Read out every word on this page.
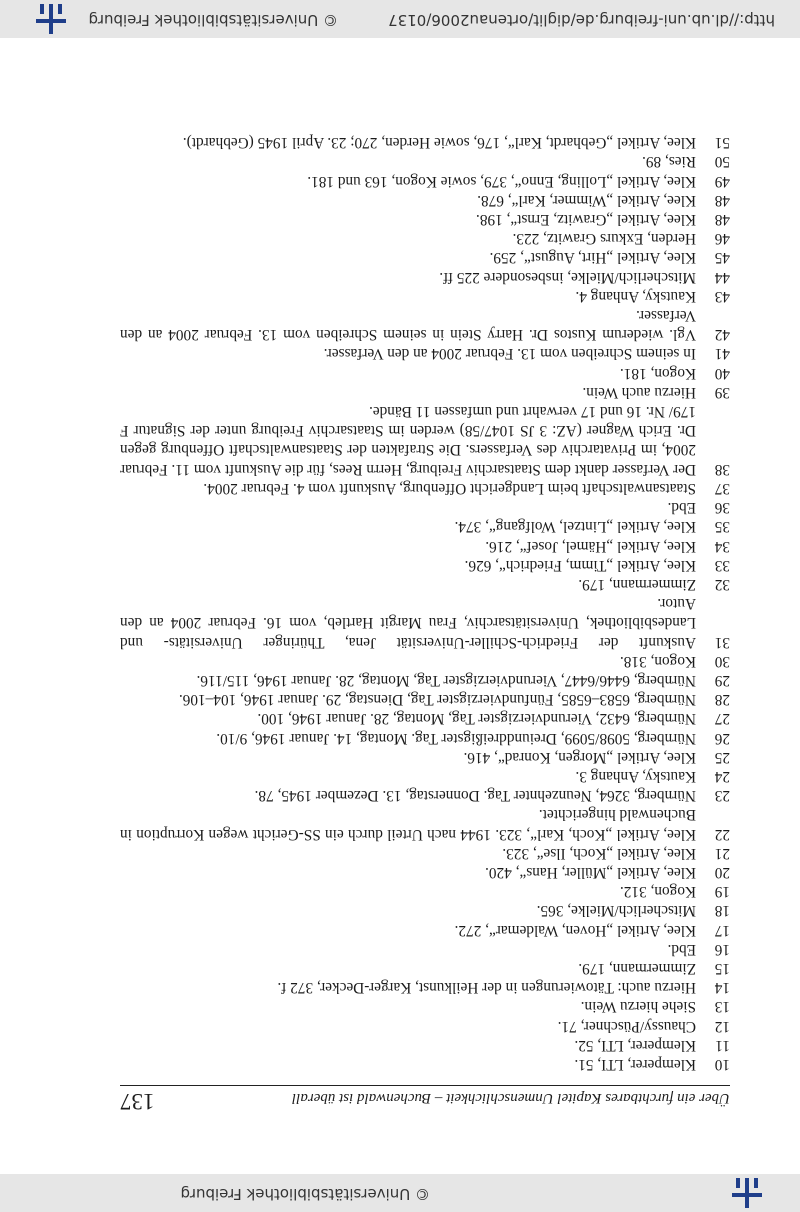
© Universitätsbibliothek Freiburg
Über ein furchtbares Kapitel Unmenschlichkeit – Buchenwald ist überall
137
10
Klemperer, LTI, 51.
11
Klemperer, LTI, 52.
12
Chaussy/Püschner, 71.
13
Siehe hierzu Wein.
14
Hierzu auch: Tätowierungen in der Heilkunst, Karger-Decker, 372 f.
15
Zimmermann, 179.
16
Ebd.
17
Klee, Artikel „Hoven, Waldemar“, 272.
18
Mitscherlich/Mielke, 365.
19
Kogon, 312.
20
Klee, Artikel „Müller, Hans“, 420.
21
Klee, Artikel „Koch, Ilse“, 323.
22
Klee, Artikel „Koch, Karl“, 323. 1944 nach Urteil durch ein SS-Gericht wegen Korruption in Buchenwald hingerichtet.
23
Nürnberg, 3264, Neunzehnter Tag. Donnerstag, 13. Dezember 1945, 78.
24
Kautsky, Anhang 3.
25
Klee, Artikel „Morgen, Konrad“, 416.
26
Nürnberg, 5098/5099, Dreiunddreißigster Tag. Montag, 14. Januar 1946, 9/10.
27
Nürnberg, 6432, Vierundvierzigster Tag, Montag, 28. Januar 1946, 100.
28
Nürnberg, 6583–6585, Fünfundvierzigster Tag, Dienstag, 29. Januar 1946, 104–106.
29
Nürnberg, 6446/6447, Vierundvierzigster Tag, Montag, 28. Januar 1946, 115/116.
30
Kogon, 318.
31
Auskunft der Friedrich-Schiller-Universität Jena, Thüringer Universitäts- und Landesbibliothek, Universitätsarchiv, Frau Margit Hartleb, vom 16. Februar 2004 an den Autor.
32
Zimmermann, 179.
33
Klee, Artikel „Timm, Friedrich“, 626.
34
Klee, Artikel „Hämel, Josef“, 216.
35
Klee, Artikel „Lintzel, Wolfgang“, 374.
36
Ebd.
37
Staatsanwaltschaft beim Landgericht Offenburg, Auskunft vom 4. Februar 2004.
38
Der Verfasser dankt dem Staatsarchiv Freiburg, Herrn Rees, für die Auskunft vom 11. Februar 2004, im Privatarchiv des Verfassers. Die Strafakten der Staatsanwaltschaft Offenburg gegen Dr. Erich Wagner (AZ: 3 JS 1047/58) werden im Staatsarchiv Freiburg unter der Signatur F 179/ Nr. 16 und 17 verwahrt und umfassen 11 Bände.
39
Hierzu auch Wein.
40
Kogon, 181.
41
In seinem Schreiben vom 13. Februar 2004 an den Verfasser.
42
Vgl. wiederum Kustos Dr. Harry Stein in seinem Schreiben vom 13. Februar 2004 an den Verfasser.
43
Kautsky, Anhang 4.
44
Mitscherlich/Mielke, insbesondere 225 ff.
45
Klee, Artikel „Hirt, August“, 259.
46
Herden, Exkurs Grawitz, 223.
48
Klee, Artikel „Grawitz, Ernst“, 198.
48
Klee, Artikel „Wimmer, Karl“, 678.
49
Klee, Artikel „Lolling, Enno“, 379, sowie Kogon, 163 und 181.
50
Ries, 89.
51
Klee, Artikel „Gebhardt, Karl“, 176, sowie Herden, 270; 23. April 1945 (Gebhardt).
http://dl.ub.uni-freiburg.de/diglit/ortenau2006/0137
© Universitätsbibliothek Freiburg
